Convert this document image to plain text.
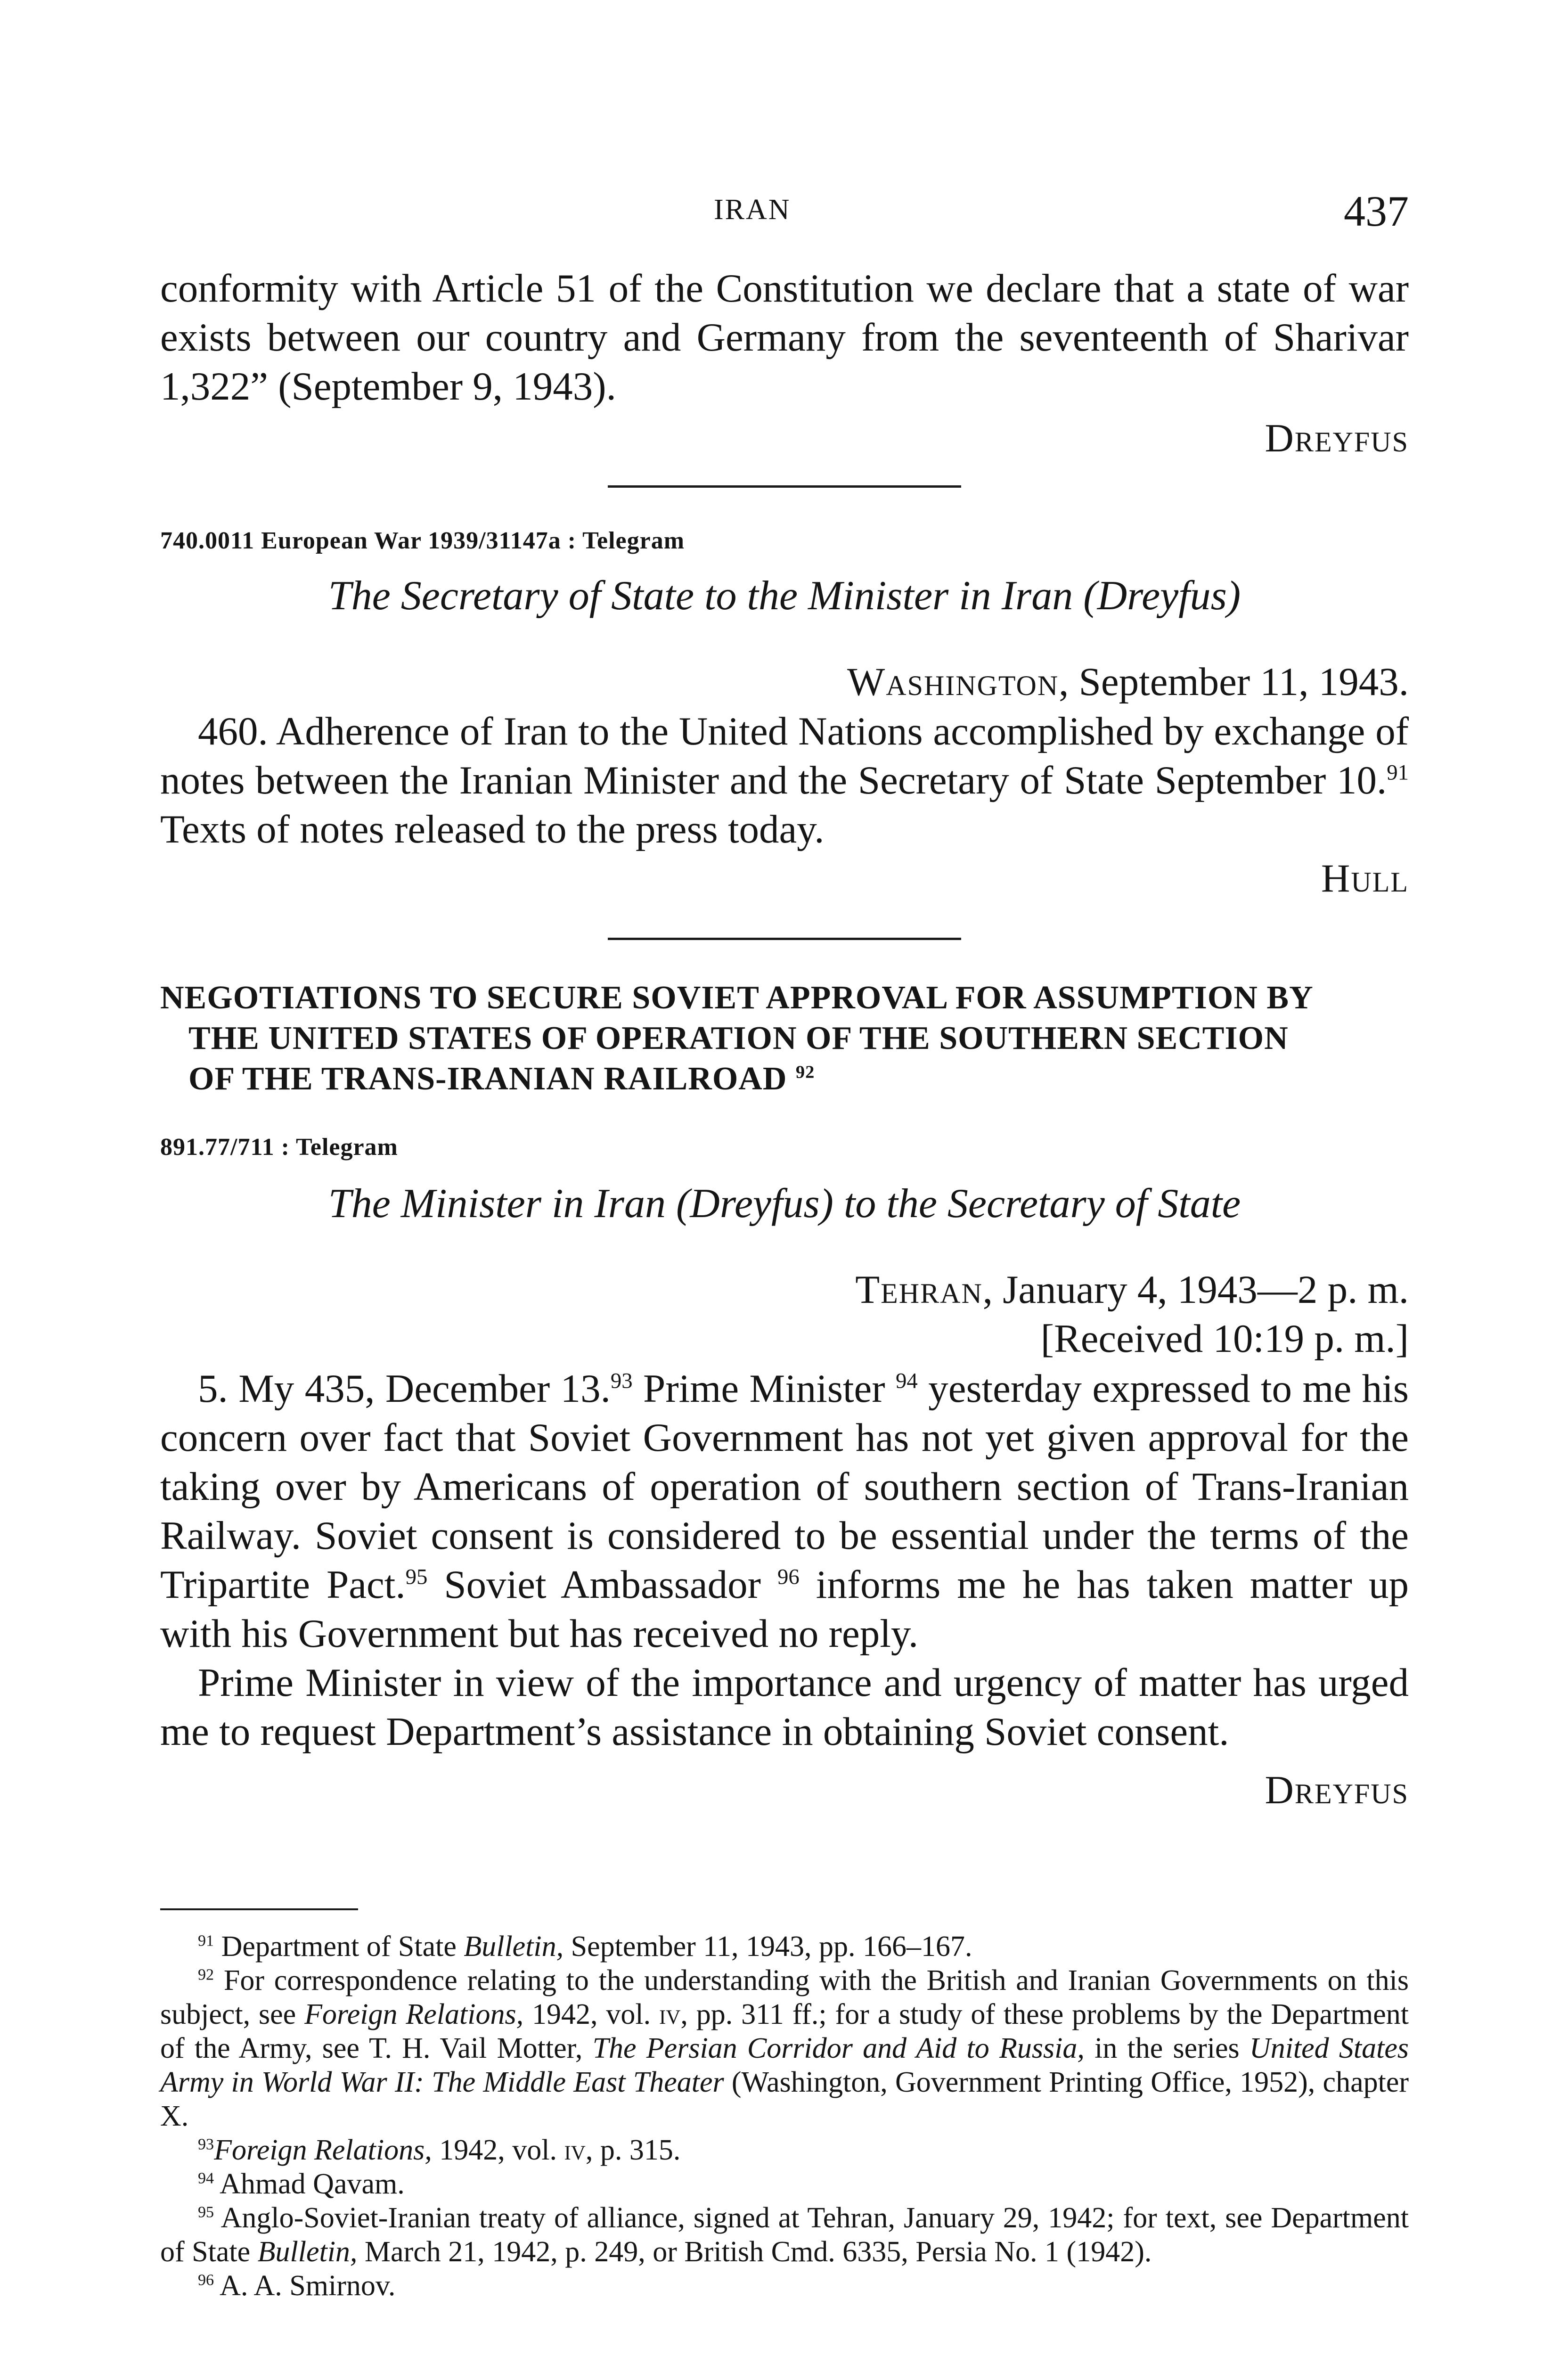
IRAN	437

conformity with Article 51 of the Constitution we declare that a state of war exists between our country and Germany from the seventeenth of Sharivar 1,322” (September 9, 1943).

Dreyfus
740.0011 European War 1939/31147a : Telegram
The Secretary of State to the Minister in Iran (Dreyfus)
Washington, September 11, 1943.

460. Adherence of Iran to the United Nations accomplished by exchange of notes between the Iranian Minister and the Secretary of State September 10.91 Texts of notes released to the press today.

Hull
NEGOTIATIONS TO SECURE SOVIET APPROVAL FOR ASSUMPTION BY
THE UNITED STATES OF OPERATION OF THE SOUTHERN SECTION
OF THE TRANS-IRANIAN RAILROAD $^{92}$
891.77/711 : Telegram
The Minister in Iran (Dreyfus) to the Secretary of State
Tehran, January 4, 1943—2 p. m.
[Received 10:19 p. m.]

5. My 435, December 13.93 Prime Minister $^{94}$ yesterday expressed to me his concern over fact that Soviet Government has not yet given approval for the taking over by Americans of operation of southern section of Trans-Iranian Railway. Soviet consent is considered to be essential under the terms of the Tripartite Pact.$^{95}$ Soviet Ambassador $^{96}$ informs me he has taken matter up with his Government but has received no reply.

Prime Minister in view of the importance and urgency of matter has urged me to request Department’s assistance in obtaining Soviet consent.

Dreyfus

$^{91}$ Department of State Bulletin, September 11, 1943, pp. 166–167.

$^{92}$ For correspondence relating to the understanding with the British and Iranian Governments on this subject, see Foreign Relations, 1942, vol. iv, pp. 311 ff.; for a study of these problems by the Department of the Army, see T. H. Vail Motter, The Persian Corridor and Aid to Russia, in the series United States Army in World War II: The Middle East Theater (Washington, Government Printing Office, 1952), chapter X.

$^{93}$Foreign Relations, 1942, vol. iv, p. 315.

$^{94}$ Ahmad Qavam.

$^{95}$ Anglo-Soviet-Iranian treaty of alliance, signed at Tehran, January 29, 1942; for text, see Department of State Bulletin, March 21, 1942, p. 249, or British Cmd. 6335, Persia No. 1 (1942).

$^{96}$ A. A. Smirnov.
